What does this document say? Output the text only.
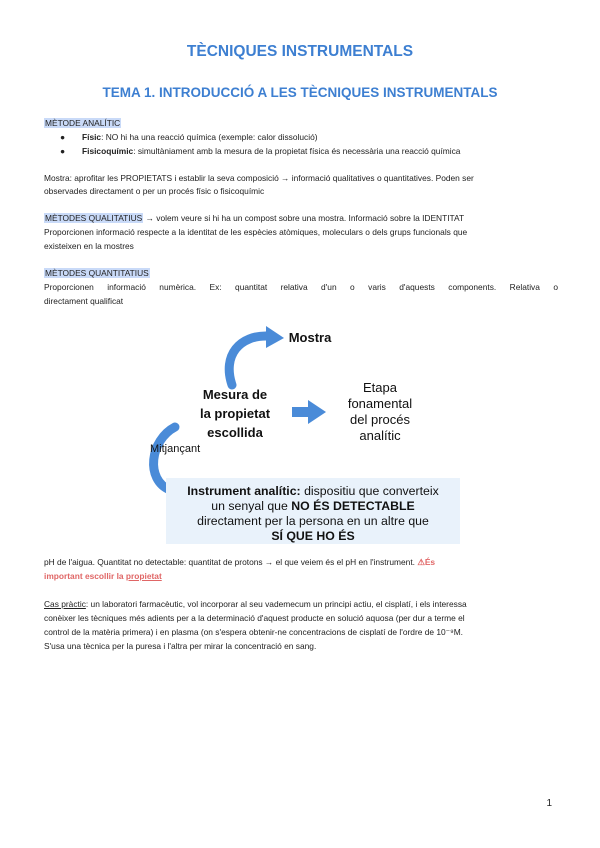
TÈCNIQUES INSTRUMENTALS
TEMA 1. INTRODUCCIÓ A LES TÈCNIQUES INSTRUMENTALS

MÈTODE ANALÍTIC

● Físic: NO hi ha una reacció química (exemple: calor dissolució)

● Fisicoquímic: simultàniament amb la mesura de la propietat física és necessària una reacció química

Mostra: aprofitar les PROPIETATS i establir la seva composició → informació qualitatives o quantitatives. Poden ser

observades directament o per un procés físic o fisicoquímic

MÈTODES QUALITATIUS → volem veure si hi ha un compost sobre una mostra. Informació sobre la IDENTITAT

Proporcionen informació respecte a la identitat de les espècies atòmiques, moleculars o dels grups funcionals que

existeixen en la mostres

MÈTODES QUANTITATIUS

Proporcionen informació numèrica. Ex: quantitat relativa d'un o varis d'aquests components. Relativa o

directament qualificat

Mostra
Mesura de
la propietat
escollida
Etapa
fonamental
del procés
analític
Mitjançant
Instrument analític: dispositiu que converteix
un senyal que NO ÉS DETECTABLE
directament per la persona en un altre que
SÍ QUE HO ÉS

pH de l'aigua. Quantitat no detectable: quantitat de protons → el que veiem és el pH en l'instrument. ⚠És

important escollir la propietat

Cas pràctic: un laboratori farmacèutic, vol incorporar al seu vademecum un principi actiu, el cisplatí, i els interessa

conèixer les tècniques més adients per a la determinació d'aquest producte en solució aquosa (per dur a terme el

control de la matèria primera) i en plasma (on s'espera obtenir-ne concentracions de cisplatí de l'ordre de 10⁻⁹M.

S'usa una tècnica per la puresa i l'altra per mirar la concentració en sang.

1
